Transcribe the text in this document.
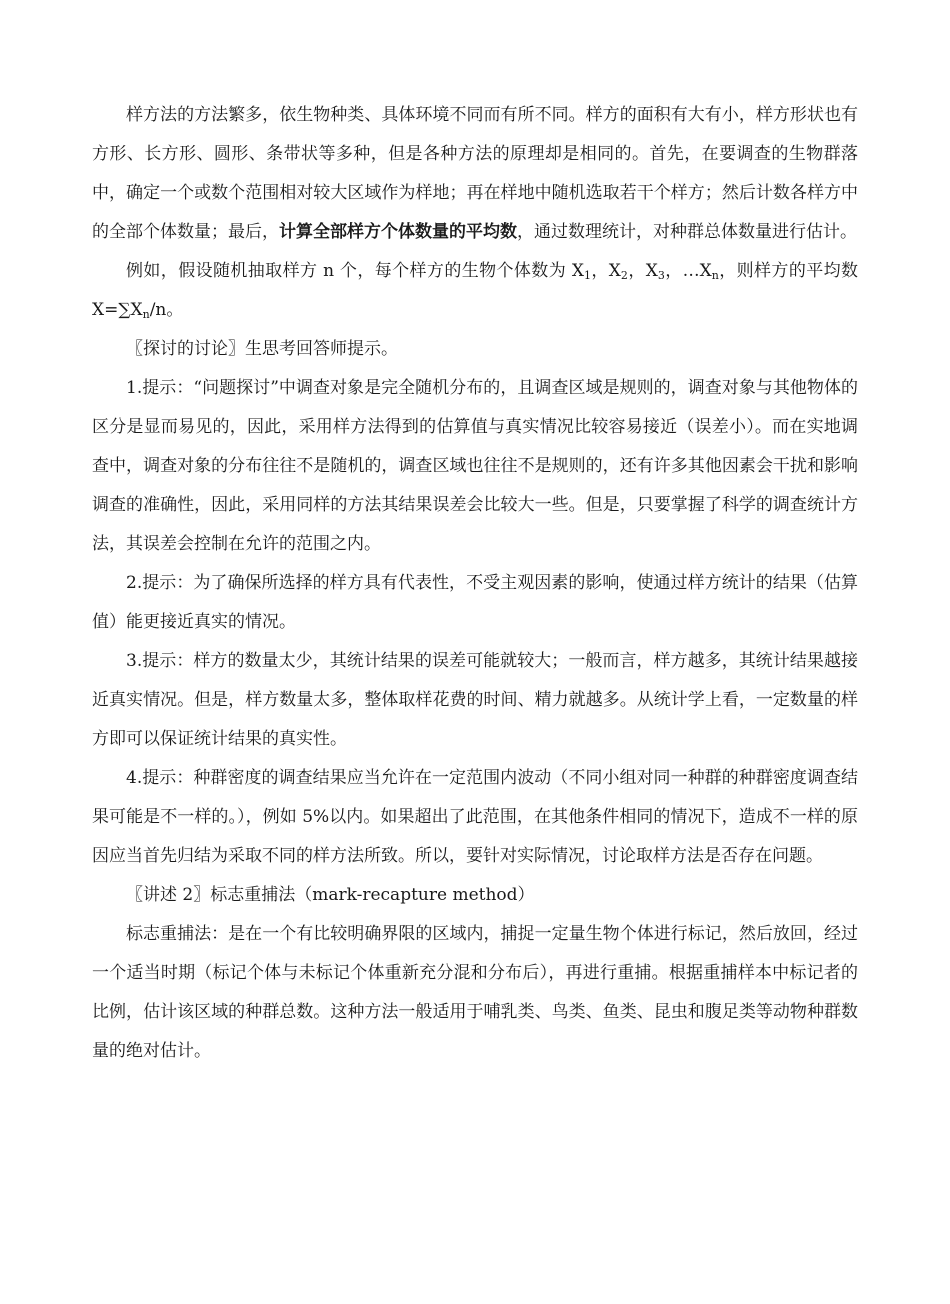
样方法的方法繁多，依生物种类、具体环境不同而有所不同。样方的面积有大有小，样方形状也有方形、长方形、圆形、条带状等多种，但是各种方法的原理却是相同的。首先，在要调查的生物群落中，确定一个或数个范围相对较大区域作为样地；再在样地中随机选取若干个样方；然后计数各样方中的全部个体数量；最后，计算全部样方个体数量的平均数，通过数理统计，对种群总体数量进行估计。

例如，假设随机抽取样方 n 个，每个样方的生物个体数为 $X_1$，$X_2$，$X_3$，$\dots X_n$，则样方的平均数 $X=\sum X_n/n$。

〖探讨的讨论〗生思考回答师提示。

1.提示：“问题探讨”中调查对象是完全随机分布的，且调查区域是规则的，调查对象与其他物体的区分是显而易见的，因此，采用样方法得到的估算值与真实情况比较容易接近（误差小）。而在实地调查中，调查对象的分布往往不是随机的，调查区域也往往不是规则的，还有许多其他因素会干扰和影响调查的准确性，因此，采用同样的方法其结果误差会比较大一些。但是，只要掌握了科学的调查统计方法，其误差会控制在允许的范围之内。

2.提示：为了确保所选择的样方具有代表性，不受主观因素的影响，使通过样方统计的结果（估算值）能更接近真实的情况。

3.提示：样方的数量太少，其统计结果的误差可能就较大；一般而言，样方越多，其统计结果越接近真实情况。但是，样方数量太多，整体取样花费的时间、精力就越多。从统计学上看，一定数量的样方即可以保证统计结果的真实性。

4.提示：种群密度的调查结果应当允许在一定范围内波动（不同小组对同一种群的种群密度调查结果可能是不一样的。），例如 5%以内。如果超出了此范围，在其他条件相同的情况下，造成不一样的原因应当首先归结为采取不同的样方法所致。所以，要针对实际情况，讨论取样方法是否存在问题。

〖讲述 2〗标志重捕法（mark-recapture method）

标志重捕法：是在一个有比较明确界限的区域内，捕捉一定量生物个体进行标记，然后放回，经过一个适当时期（标记个体与未标记个体重新充分混和分布后），再进行重捕。根据重捕样本中标记者的比例，估计该区域的种群总数。这种方法一般适用于哺乳类、鸟类、鱼类、昆虫和腹足类等动物种群数量的绝对估计。
